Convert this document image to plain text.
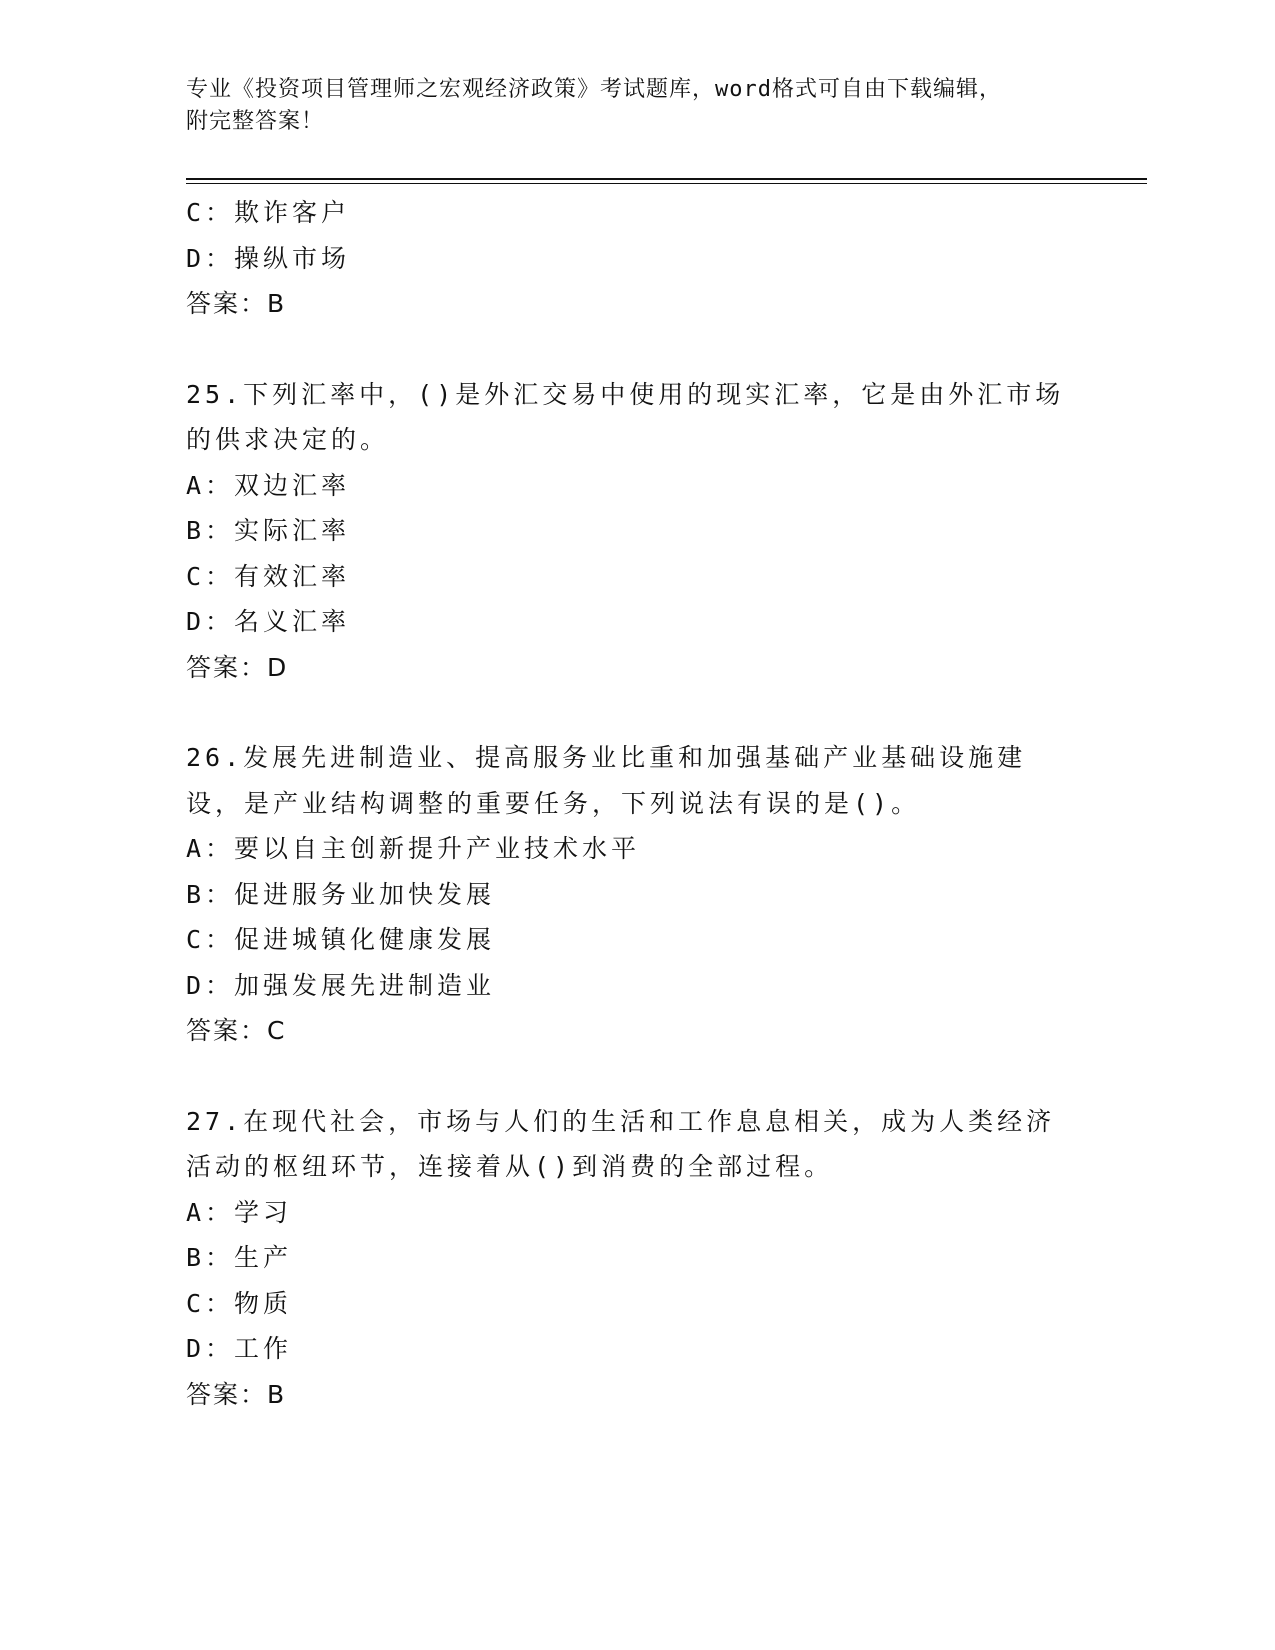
专业《投资项目管理师之宏观经济政策》考试题库，word格式可自由下载编辑，
附完整答案！
C：欺诈客户
D：操纵市场
答案：B
25.下列汇率中，()是外汇交易中使用的现实汇率，它是由外汇市场的供求决定的。
A：双边汇率
B：实际汇率
C：有效汇率
D：名义汇率
答案：D
26.发展先进制造业、提高服务业比重和加强基础产业基础设施建设，是产业结构调整的重要任务，下列说法有误的是()。
A：要以自主创新提升产业技术水平
B：促进服务业加快发展
C：促进城镇化健康发展
D：加强发展先进制造业
答案：C
27.在现代社会，市场与人们的生活和工作息息相关，成为人类经济活动的枢纽环节，连接着从()到消费的全部过程。
A：学习
B：生产
C：物质
D：工作
答案：B
